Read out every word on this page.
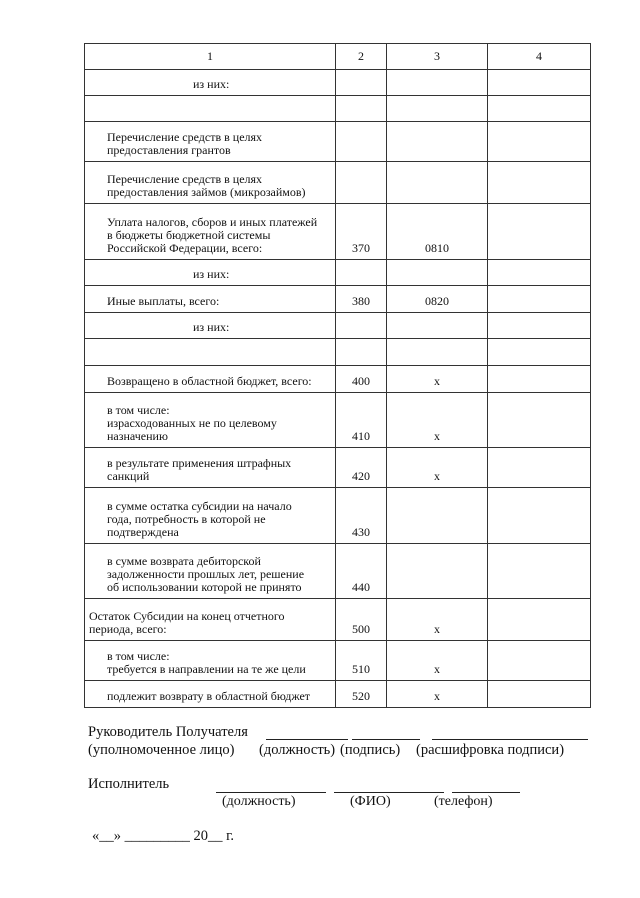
1	2	3	4
из них:			

Перечисление средств в целях
предоставления грантов			
Перечисление средств в целях
предоставления займов (микрозаймов)			
Уплата налогов, сборов и иных платежей
в бюджеты бюджетной системы
Российской Федерации, всего:	370	0810	
из них:			
Иные выплаты, всего:	380	0820	
из них:			

Возвращено в областной бюджет, всего:	400	х	
в том числе:
израсходованных не по целевому
назначению	410	х	
в результате применения штрафных
санкций	420	х	
в сумме остатка субсидии на начало
года, потребность в которой не
подтверждена	430		
в сумме возврата дебиторской
задолженности прошлых лет, решение
об использовании которой не принято	440		
Остаток Субсидии на конец отчетного
периода, всего:	500	х	
в том числе:
требуется в направлении на те же цели	510	х	
подлежит возврату в областной бюджет	520	х	
Руководитель Получателя
(уполномоченное лицо) (должность) (подпись) (расшифровка подписи)
Исполнитель
(должность)	(ФИО)	(телефон)
«__» _________ 20__ г.
